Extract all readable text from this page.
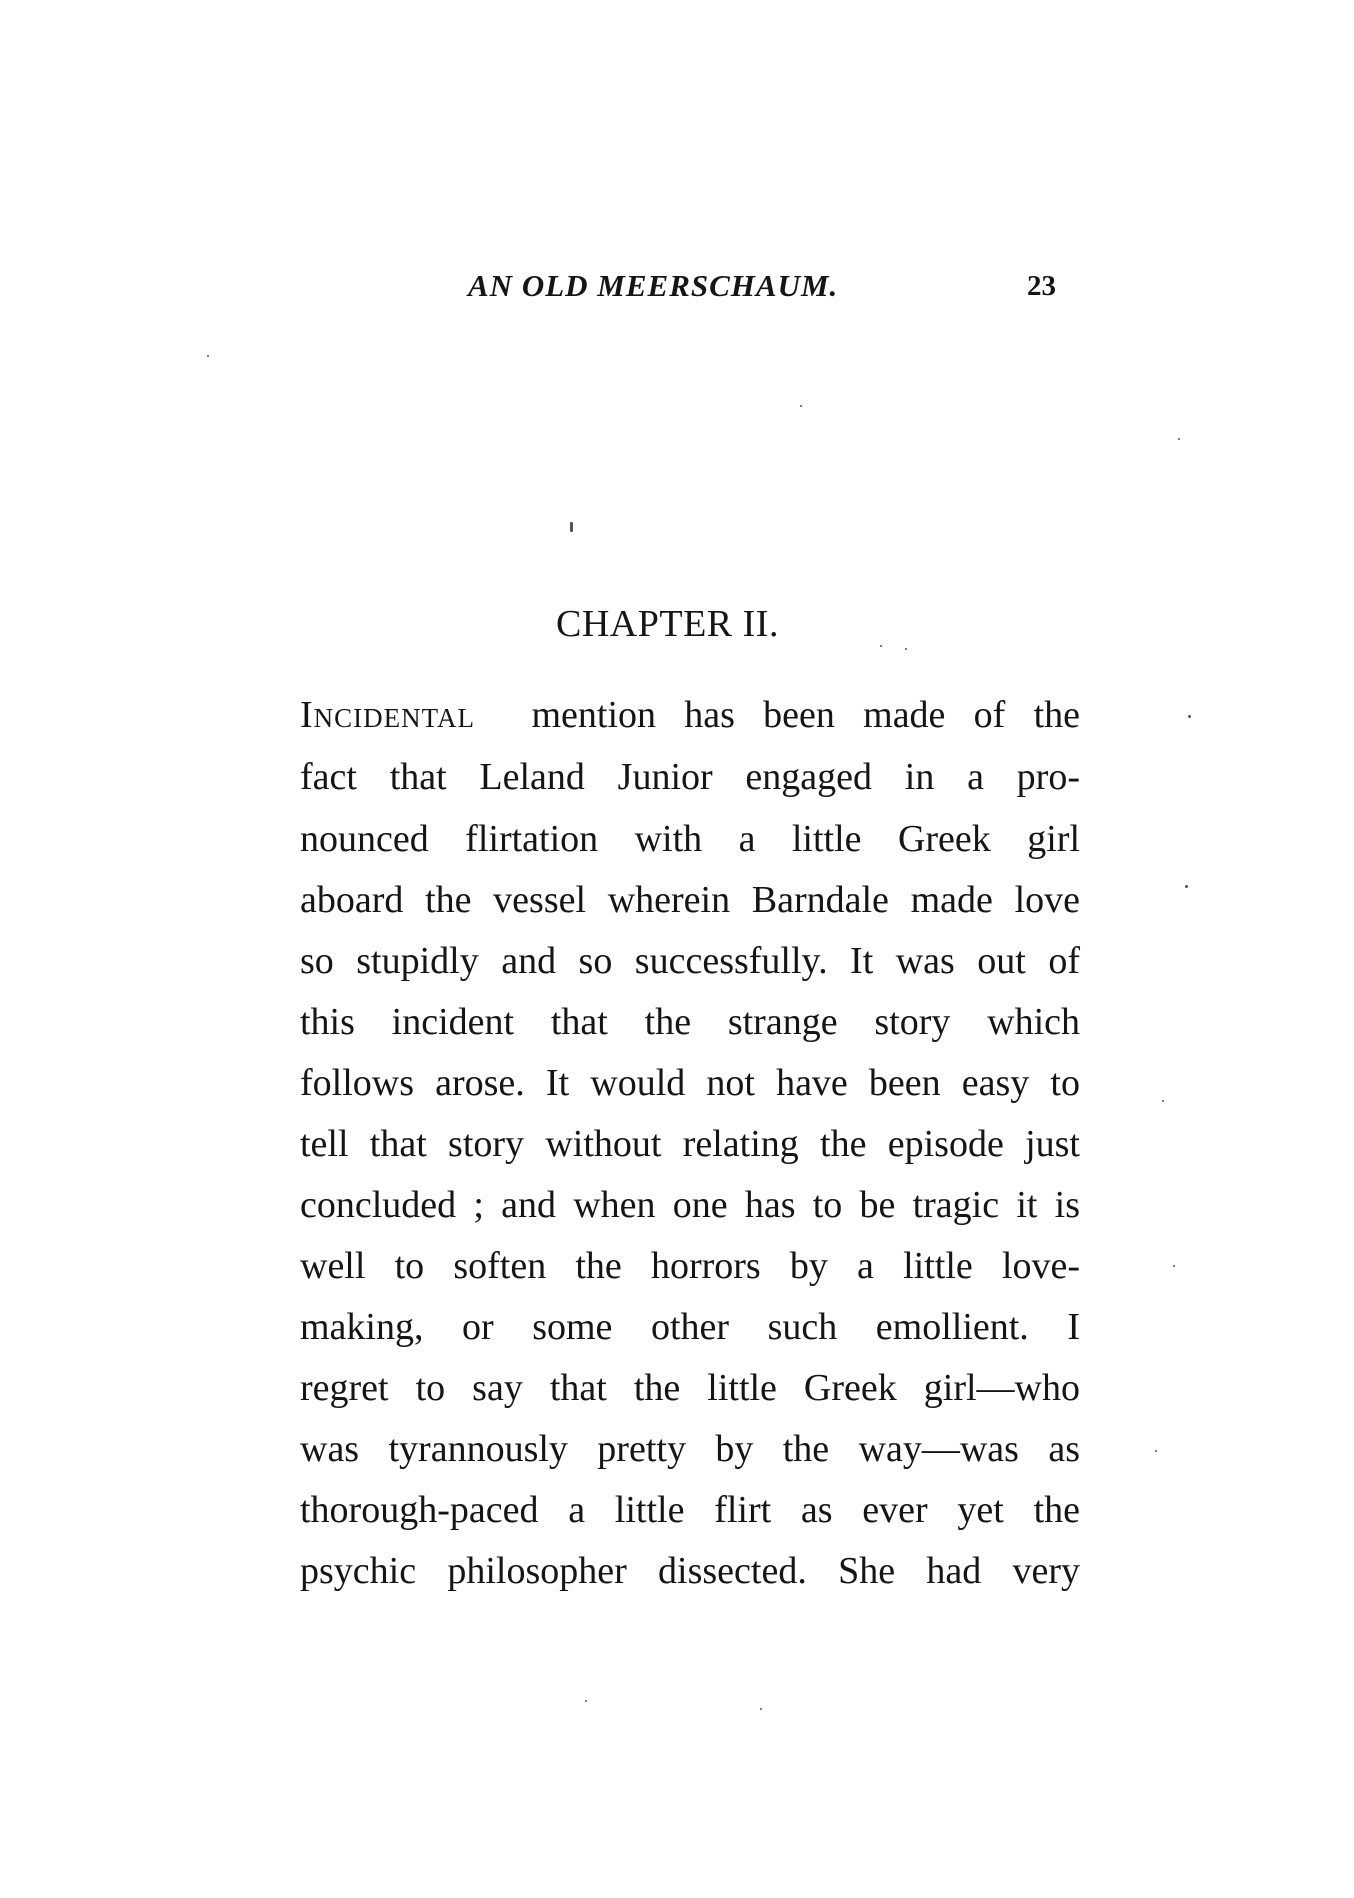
AN OLD MEERSCHAUM.	23
CHAPTER II.
Incidental mention has been made of the
fact that Leland Junior engaged in a pro-
nounced flirtation with a little Greek girl
aboard the vessel wherein Barndale made love
so stupidly and so successfully. It was out of
this incident that the strange story which
follows arose. It would not have been easy to
tell that story without relating the episode just
concluded ; and when one has to be tragic it is
well to soften the horrors by a little love-
making, or some other such emollient. I
regret to say that the little Greek girl—who
was tyrannously pretty by the way—was as
thorough-paced a little flirt as ever yet the
psychic philosopher dissected. She had very
